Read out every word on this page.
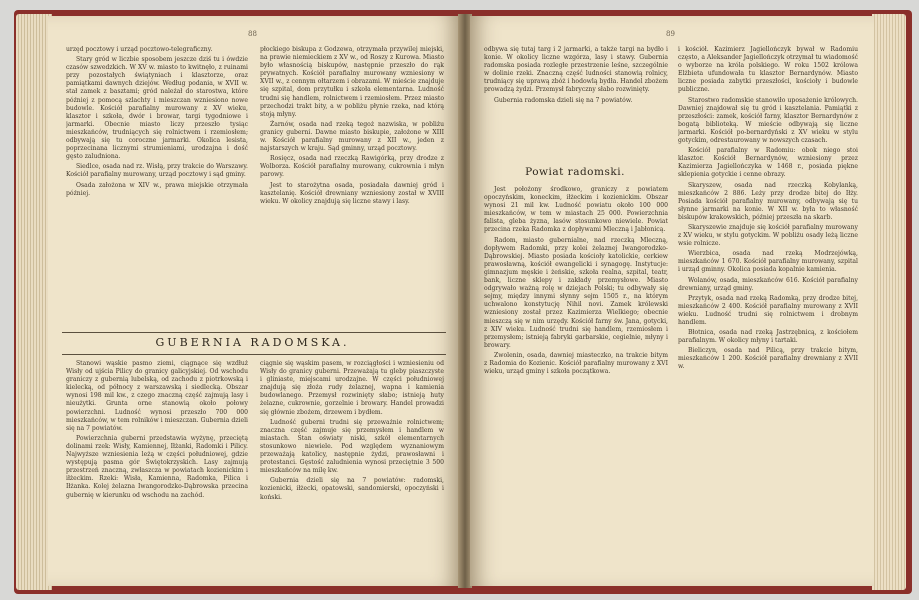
88

urzęd pocztowy i urząd pocztowo-telegraficzny.

Stary gród w liczbie sposobem jeszcze dziś tu i ówdzie czasów szwedzkich. W XV w. miasto to kwitnęło, z ruinami przy pozostałych świątyniach i klasztorze, oraz pamiątkami dawnych dziejów. Według podania, w XVII w. stał zamek z basztami; gród należał do starostwa, które później z pomocą szlachty i mieszczan wzniesiono nowe budowle. Kościół parafialny murowany z XV wieku, klasztor i szkoła, dwór i browar, targi tygodniowe i jarmarki. Obecnie miasto liczy przeszło tysiąc mieszkańców, trudniących się rolnictwem i rzemiosłem; odbywają się tu coroczne jarmarki. Okolica lesista, poprzecinana licznymi strumieniami, urodzajna i dość gęsto zaludniona.

Siedlce, osada nad rz. Wisłą, przy trakcie do Warszawy. Kościół parafialny murowany, urząd pocztowy i sąd gminy.

Osada założona w XIV w., prawa miejskie otrzymała później.

płockiego biskupa z Godzewa, otrzymała przywilej miejski, na prawie niemieckiem z XV w., od Roszy z Kurowa. Miasto było własnością biskupów, następnie przeszło do rąk prywatnych. Kościół parafialny murowany wzniesiony w XVII w., z cennym ołtarzem i obrazami. W mieście znajduje się szpital, dom przytułku i szkoła elementarna. Ludność trudni się handlem, rolnictwem i rzemiosłem. Przez miasto przechodzi trakt bity, a w pobliżu płynie rzeka, nad którą stoją młyny.

Żarnów, osada nad rzeką tegoż nazwiska, w pobliżu granicy guberni. Dawne miasto biskupie, założone w XIII w. Kościół parafialny murowany z XII w., jeden z najstarszych w kraju. Sąd gminny, urząd pocztowy.

Rosięcz, osada nad rzeczką Rawigórką, przy drodze z Wolborza. Kościół parafialny murowany, cukrownia i młyn parowy.

Jest to starożytna osada, posiadała dawniej gród i kasztelanię. Kościół drewniany wzniesiony został w XVIII wieku. W okolicy znajdują się liczne stawy i lasy.

GUBERNIA RADOMSKA.

Stanowi wąskie pasmo ziemi, ciągnące się wzdłuż Wisły od ujścia Pilicy do granicy galicyjskiej. Od wschodu graniczy z gubernią lubelską, od zachodu z piotrkowską i kielecką, od północy z warszawską i siedlecką. Obszar wynosi 198 mil kw., z czego znaczną część zajmują lasy i nieużytki. Grunta orne stanowią około połowy powierzchni. Ludność wynosi przeszło 700 000 mieszkańców, w tem rolników i mieszczan. Gubernia dzieli się na 7 powiatów.

Powierzchnia guberni przedstawia wyżynę, przeciętą dolinami rzek: Wisły, Kamiennej, Iłżanki, Radomki i Pilicy. Najwyższe wzniesienia leżą w części południowej, gdzie występują pasma gór Świętokrzyskich. Lasy zajmują przestrzeń znaczną, zwłaszcza w powiatach kozienickim i iłżeckim. Rzeki: Wisła, Kamienna, Radomka, Pilica i Iłżanka. Kolej żelazna Iwangorodzko-Dąbrowska przecina gubernię w kierunku od wschodu na zachód.

ciągnie się wąskim pasem, w rozciągłości i wzniesieniu od Wisły do granicy guberni. Przeważają tu gleby piaszczyste i gliniaste, miejscami urodzajne. W części południowej znajdują się złoża rudy żelaznej, wapna i kamienia budowlanego. Przemysł rozwinięty słabo; istnieją huty żelazne, cukrownie, gorzelnie i browary. Handel prowadzi się głównie zbożem, drzewem i bydłem.

Ludność guberni trudni się przeważnie rolnictwem; znaczna część zajmuje się przemysłem i handlem w miastach. Stan oświaty niski, szkół elementarnych stosunkowo niewiele. Pod względem wyznaniowym przeważają katolicy, następnie żydzi, prawosławni i protestanci. Gęstość zaludnienia wynosi przeciętnie 3 500 mieszkańców na milę kw.

Gubernia dzieli się na 7 powiatów: radomski, kozienicki, iłżecki, opatowski, sandomierski, opoczyński i koński.

89

odbywa się tutaj targ i 2 jarmarki, a także targi na bydło i konie. W okolicy liczne wzgórza, lasy i stawy. Gubernia radomska posiada rozległe przestrzenie leśne, szczególnie w dolinie rzeki. Znaczną część ludności stanowią rolnicy, trudniący się uprawą zbóż i hodowlą bydła. Handel zbożem prowadzą żydzi. Przemysł fabryczny słabo rozwinięty.

Gubernia radomska dzieli się na 7 powiatów.

Powiat radomski.

Jest położony środkowo, graniczy z powiatem opoczyńskim, koneckim, iłżeckim i kozienickim. Obszar wynosi 21 mil kw. Ludność powiatu około 100 000 mieszkańców, w tem w miastach 25 000. Powierzchnia falista, gleba żyzna, lasów stosunkowo niewiele. Powiat przecina rzeka Radomka z dopływami Mleczną i Jabłonicą.

Radom, miasto gubernialne, nad rzeczką Mleczną, dopływem Radomki, przy kolei żelaznej Iwangorodzko-Dąbrowskiej. Miasto posiada kościoły katolickie, cerkiew prawosławną, kościół ewangelicki i synagogę. Instytucje: gimnazjum męskie i żeńskie, szkoła realna, szpital, teatr, bank, liczne sklepy i zakłady przemysłowe. Miasto odgrywało ważną rolę w dziejach Polski; tu odbywały się sejmy, między innymi słynny sejm 1505 r., na którym uchwalono konstytucję Nihil novi. Zamek królewski wzniesiony został przez Kazimierza Wielkiego; obecnie mieszczą się w nim urzędy. Kościół farny św. Jana, gotycki, z XIV wieku. Ludność trudni się handlem, rzemiosłem i przemysłem; istnieją fabryki garbarskie, cegielnie, młyny i browary.

Zwolenin, osada, dawniej miasteczko, na trakcie bitym z Radomia do Kozienic. Kościół parafialny murowany z XVI wieku, urząd gminy i szkoła początkowa.

i kościół. Kazimierz Jagiellończyk bywał w Radomiu często, a Aleksander Jagiellończyk otrzymał tu wiadomość o wyborze na króla polskiego. W roku 1502 królowa Elżbieta ufundowała tu klasztor Bernardynów. Miasto liczne posiada zabytki przeszłości, kościoły i budowle publiczne.

Starostwo radomskie stanowiło uposażenie królowych. Dawniej znajdował się tu gród i kasztelania. Pamiątki z przeszłości: zamek, kościół farny, klasztor Bernardynów z bogatą biblioteką. W mieście odbywają się liczne jarmarki. Kościół po-bernardyński z XV wieku w stylu gotyckim, odrestaurowany w nowszych czasach.

Kościół parafialny w Radomiu: obok niego stoi klasztor. Kościół Bernardynów, wzniesiony przez Kazimierza Jagiellończyka w 1468 r., posiada piękne sklepienia gotyckie i cenne obrazy.

Skaryszew, osada nad rzeczką Kobylanką, mieszkańców 2 886. Leży przy drodze bitej do Iłży. Posiada kościół parafialny murowany, odbywają się tu słynne jarmarki na konie. W XII w. była to własność biskupów krakowskich, później przeszła na skarb.

Skaryszewie znajduje się kościół parafialny murowany z XV wieku, w stylu gotyckim. W pobliżu osady leżą liczne wsie rolnicze.

Wierzbica, osada nad rzeką Modrzejówką, mieszkańców 1 670. Kościół parafialny murowany, szpital i urząd gminny. Okolica posiada kopalnie kamienia.

Wolanów, osada, mieszkańców 616. Kościół parafialny drewniany, urząd gminy.

Przytyk, osada nad rzeką Radomką, przy drodze bitej, mieszkańców 2 400. Kościół parafialny murowany z XVII wieku. Ludność trudni się rolnictwem i drobnym handlem.

Błotnica, osada nad rzeką Jastrzębnicą, z kościołem parafialnym. W okolicy młyny i tartaki.

Bieliczyn, osada nad Pilicą, przy trakcie bitym, mieszkańców 1 200. Kościół parafialny drewniany z XVII w.
